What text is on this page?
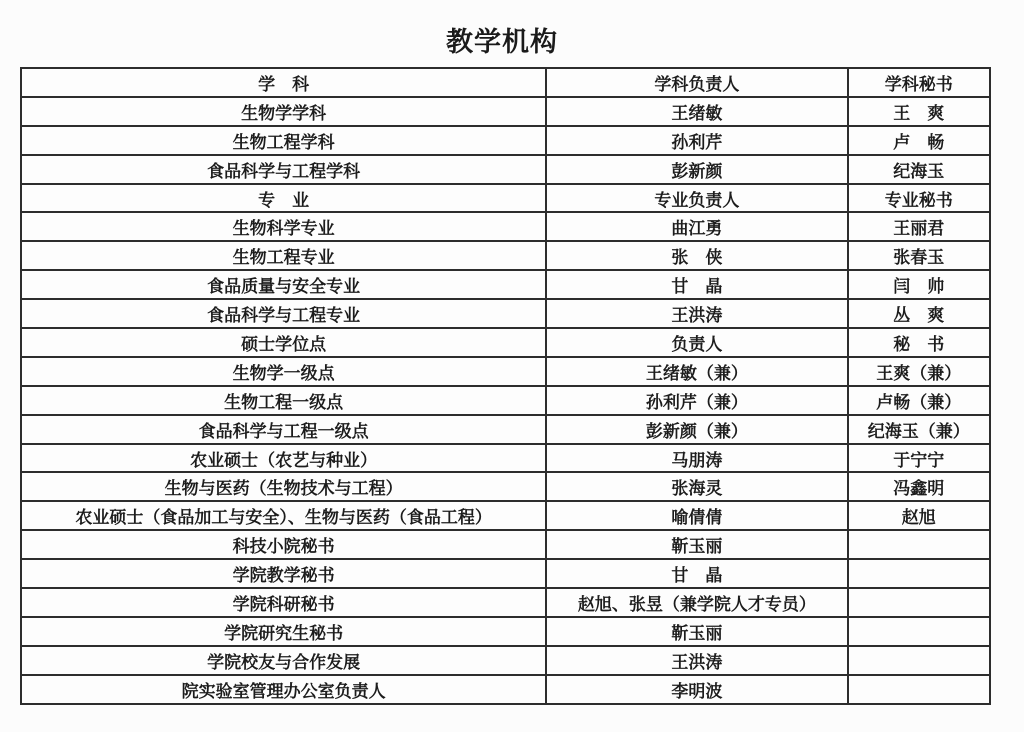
教学机构
学　科	学科负责人	学科秘书
生物学学科	王绪敏	王　爽
生物工程学科	孙利芹	卢　畅
食品科学与工程学科	彭新颜	纪海玉
专　业	专业负责人	专业秘书
生物科学专业	曲江勇	王丽君
生物工程专业	张　侠	张春玉
食品质量与安全专业	甘　晶	闫　帅
食品科学与工程专业	王洪涛	丛　爽
硕士学位点	负责人	秘　书
生物学一级点	王绪敏（兼）	王爽（兼）
生物工程一级点	孙利芹（兼）	卢畅（兼）
食品科学与工程一级点	彭新颜（兼）	纪海玉（兼）
农业硕士（农艺与种业）	马朋涛	于宁宁
生物与医药（生物技术与工程）	张海灵	冯鑫明
农业硕士（食品加工与安全）、生物与医药（食品工程）	喻倩倩	赵旭
科技小院秘书	靳玉丽	
学院教学秘书	甘　晶	
学院科研秘书	赵旭、张昱（兼学院人才专员）	
学院研究生秘书	靳玉丽	
学院校友与合作发展	王洪涛	
院实验室管理办公室负责人	李明波	
